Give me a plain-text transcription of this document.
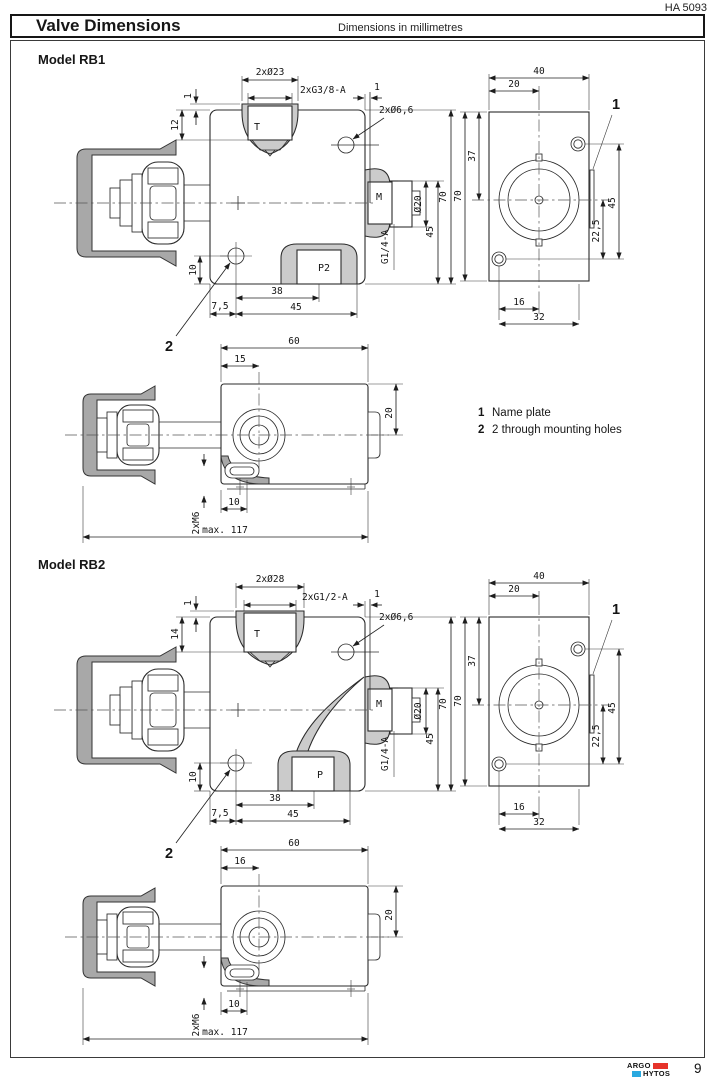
HA 5093
Valve Dimensions	Dimensions in millimetres
Model RB1
2xØ23
2xG3/8-A
1
12
1
2xØ6,6
Ø20
45
70
G1/4-A
10
38
7,5	45
2
T
M
P2
40
20
70
37
45
22,5
16
32
1
1 Name plate
2 2 through mounting holes
60
15
20
10
2xM6 max. 117
Model RB2
2xØ28
2xG1/2-A
1
14
1
2xØ6,6
Ø20
45
70
G1/4-A
10
38
7,5	45
2
T
M
P
40
20
70
37
45
22,5
16
32
1
60
16
20
10
2xM6 max. 117
ARGO
HYTOS 9
